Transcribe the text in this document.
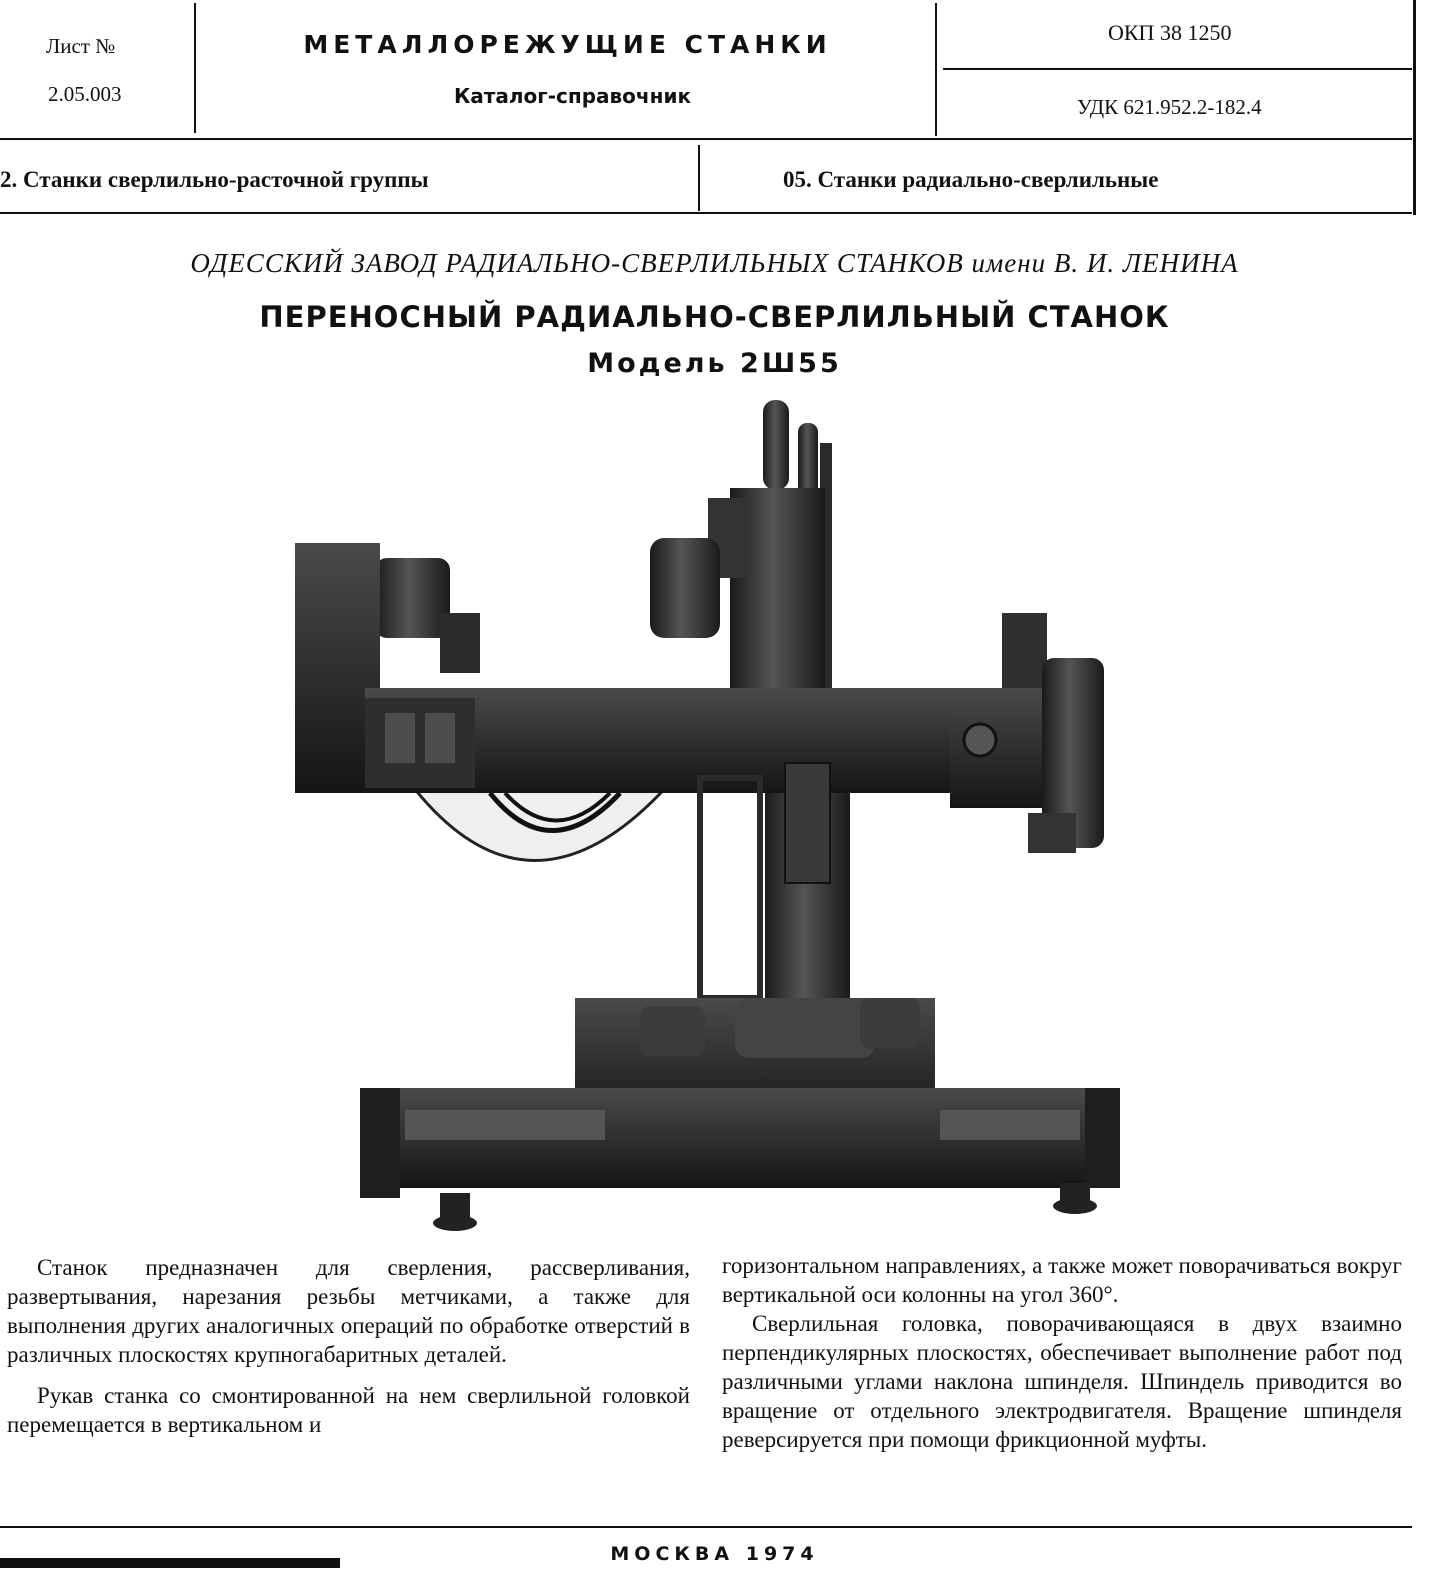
Лист №
2.05.003
МЕТАЛЛОРЕЖУЩИЕ СТАНКИ
Каталог-справочник
ОКП 38 1250
УДК 621.952.2-182.4
2. Станки сверлильно-расточной группы	05. Станки радиально-сверлильные
ОДЕССКИЙ ЗАВОД РАДИАЛЬНО-СВЕРЛИЛЬНЫХ СТАНКОВ имени В. И. ЛЕНИНА
ПЕРЕНОСНЫЙ РАДИАЛЬНО-СВЕРЛИЛЬНЫЙ СТАНОК
Модель 2Ш55

Станок предназначен для сверления, рассверливания, развертывания, нарезания резьбы метчиками, а также для выполнения других аналогичных операций по обработке отверстий в различных плоскостях крупногабаритных деталей.

Рукав станка со смонтированной на нем сверлильной головкой перемещается в вертикальном и

горизонтальном направлениях, а также может поворачиваться вокруг вертикальной оси колонны на угол 360°.

Сверлильная головка, поворачивающаяся в двух взаимно перпендикулярных плоскостях, обеспечивает выполнение работ под различными углами наклона шпинделя. Шпиндель приводится во вращение от отдельного электродвигателя. Вращение шпинделя реверсируется при помощи фрикционной муфты.

МОСКВА 1974
